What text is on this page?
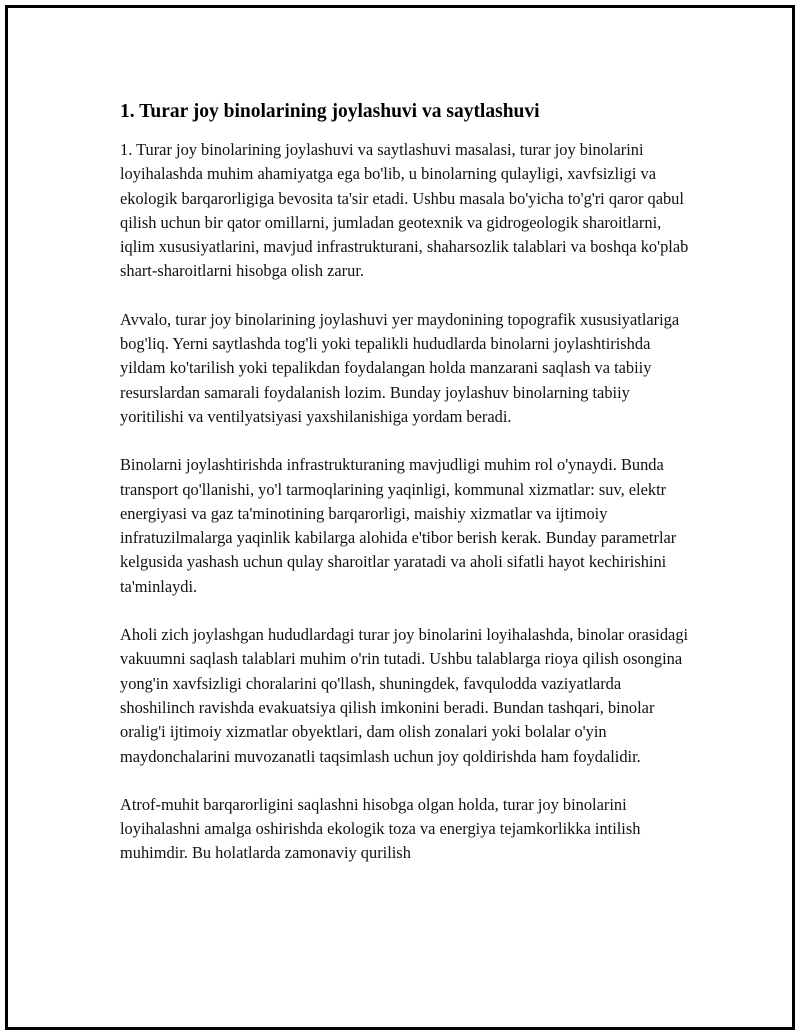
1. Turar joy binolarining joylashuvi va saytlashuvi

1. Turar joy binolarining joylashuvi va saytlashuvi masalasi, turar joy binolarini loyihalashda muhim ahamiyatga ega bo'lib, u binolarning qulayligi, xavfsizligi va ekologik barqarorligiga bevosita ta'sir etadi. Ushbu masala bo'yicha to'g'ri qaror qabul qilish uchun bir qator omillarni, jumladan geotexnik va gidrogeologik sharoitlarni, iqlim xususiyatlarini, mavjud infrastrukturani, shaharsozlik talablari va boshqa ko'plab shart-sharoitlarni hisobga olish zarur.

Avvalo, turar joy binolarining joylashuvi yer maydonining topografik xususiyatlariga bog'liq. Yerni saytlashda tog'li yoki tepalikli hududlarda binolarni joylashtirishda yildam ko'tarilish yoki tepalikdan foydalangan holda manzarani saqlash va tabiiy resurslardan samarali foydalanish lozim. Bunday joylashuv binolarning tabiiy yoritilishi va ventilyatsiyasi yaxshilanishiga yordam beradi.

Binolarni joylashtirishda infrastrukturaning mavjudligi muhim rol o'ynaydi. Bunda transport qo'llanishi, yo'l tarmoqlarining yaqinligi, kommunal xizmatlar: suv, elektr energiyasi va gaz ta'minotining barqarorligi, maishiy xizmatlar va ijtimoiy infratuzilmalarga yaqinlik kabilarga alohida e'tibor berish kerak. Bunday parametrlar kelgusida yashash uchun qulay sharoitlar yaratadi va aholi sifatli hayot kechirishini ta'minlaydi.

Aholi zich joylashgan hududlardagi turar joy binolarini loyihalashda, binolar orasidagi vakuumni saqlash talablari muhim o'rin tutadi. Ushbu talablarga rioya qilish osongina yong'in xavfsizligi choralarini qo'llash, shuningdek, favqulodda vaziyatlarda shoshilinch ravishda evakuatsiya qilish imkonini beradi. Bundan tashqari, binolar oralig'i ijtimoiy xizmatlar obyektlari, dam olish zonalari yoki bolalar o'yin maydonchalarini muvozanatli taqsimlash uchun joy qoldirishda ham foydalidir.

Atrof-muhit barqarorligini saqlashni hisobga olgan holda, turar joy binolarini loyihalashni amalga oshirishda ekologik toza va energiya tejamkorlikka intilish muhimdir. Bu holatlarda zamonaviy qurilish
